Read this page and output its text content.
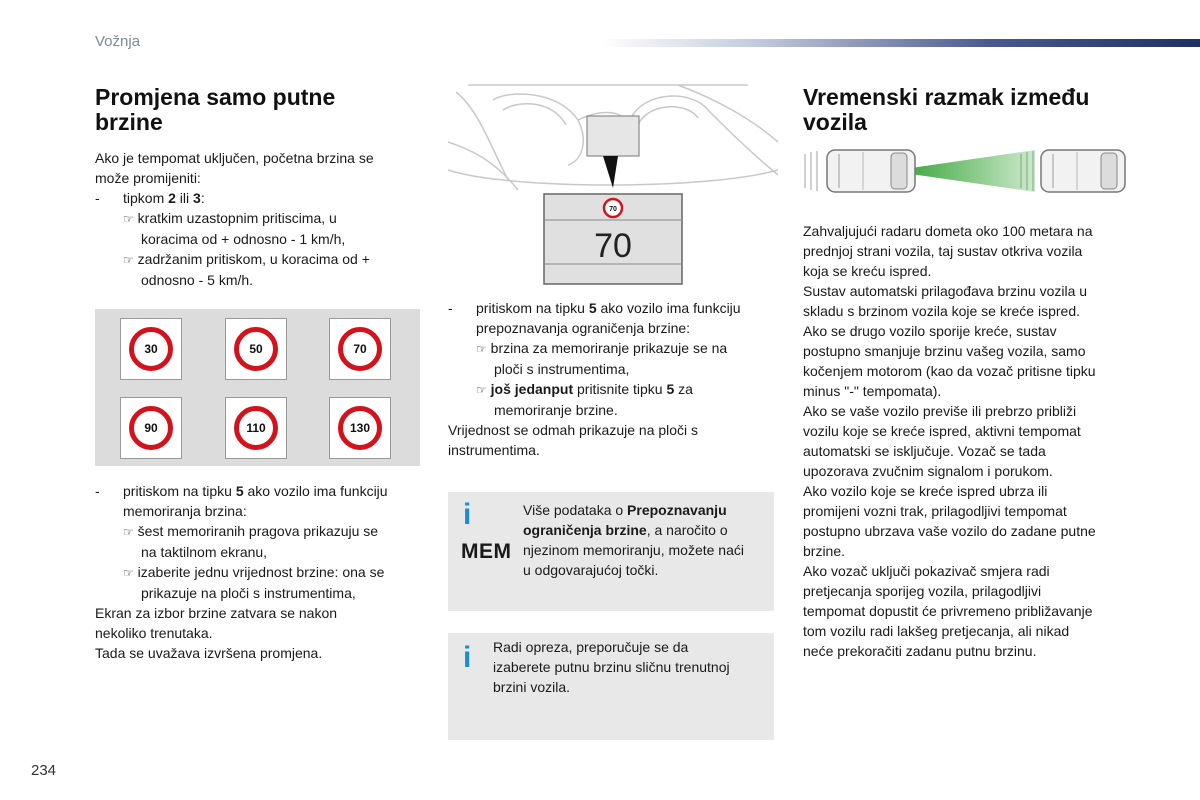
Vožnja
Promjena samo putne
brzine
Ako je tempomat uključen, početna brzina se
može promijeniti:
- tipkom 2 ili 3:
☞ kratkim uzastopnim pritiscima, u
koracima od + odnosno - 1 km/h,
☞ zadržanim pritiskom, u koracima od +
odnosno - 5 km/h.
30	50	70
90	110	130
- pritiskom na tipku 5 ako vozilo ima funkciju
memoriranja brzina:
☞ šest memoriranih pragova prikazuju se
na taktilnom ekranu,
☞ izaberite jednu vrijednost brzine: ona se
prikazuje na ploči s instrumentima,
Ekran za izbor brzine zatvara se nakon
nekoliko trenutaka.
Tada se uvažava izvršena promjena.
70
70
- pritiskom na tipku 5 ako vozilo ima funkciju
prepoznavanja ograničenja brzine:
☞ brzina za memoriranje prikazuje se na
ploči s instrumentima,
☞ još jedanput pritisnite tipku 5 za
memoriranje brzine.
Vrijednost se odmah prikazuje na ploči s
instrumentima.
i
MEM
Više podataka o Prepoznavanju
ograničenja brzine, a naročito o
njezinom memoriranju, možete naći
u odgovarajućoj točki.
i Radi opreza, preporučuje se da
izaberete putnu brzinu sličnu trenutnoj
brzini vozila.
Vremenski razmak između
vozila
Zahvaljujući radaru dometa oko 100 metara na
prednjoj strani vozila, taj sustav otkriva vozila
koja se kreću ispred.
Sustav automatski prilagođava brzinu vozila u
skladu s brzinom vozila koje se kreće ispred.
Ako se drugo vozilo sporije kreće, sustav
postupno smanjuje brzinu vašeg vozila, samo
kočenjem motorom (kao da vozač pritisne tipku
minus "-" tempomata).
Ako se vaše vozilo previše ili prebrzo približi
vozilu koje se kreće ispred, aktivni tempomat
automatski se isključuje. Vozač se tada
upozorava zvučnim signalom i porukom.
Ako vozilo koje se kreće ispred ubrza ili
promijeni vozni trak, prilagodljivi tempomat
postupno ubrzava vaše vozilo do zadane putne
brzine.
Ako vozač uključi pokazivač smjera radi
pretjecanja sporijeg vozila, prilagodljivi
tempomat dopustit će privremeno približavanje
tom vozilu radi lakšeg pretjecanja, ali nikad
neće prekoračiti zadanu putnu brzinu.
234
